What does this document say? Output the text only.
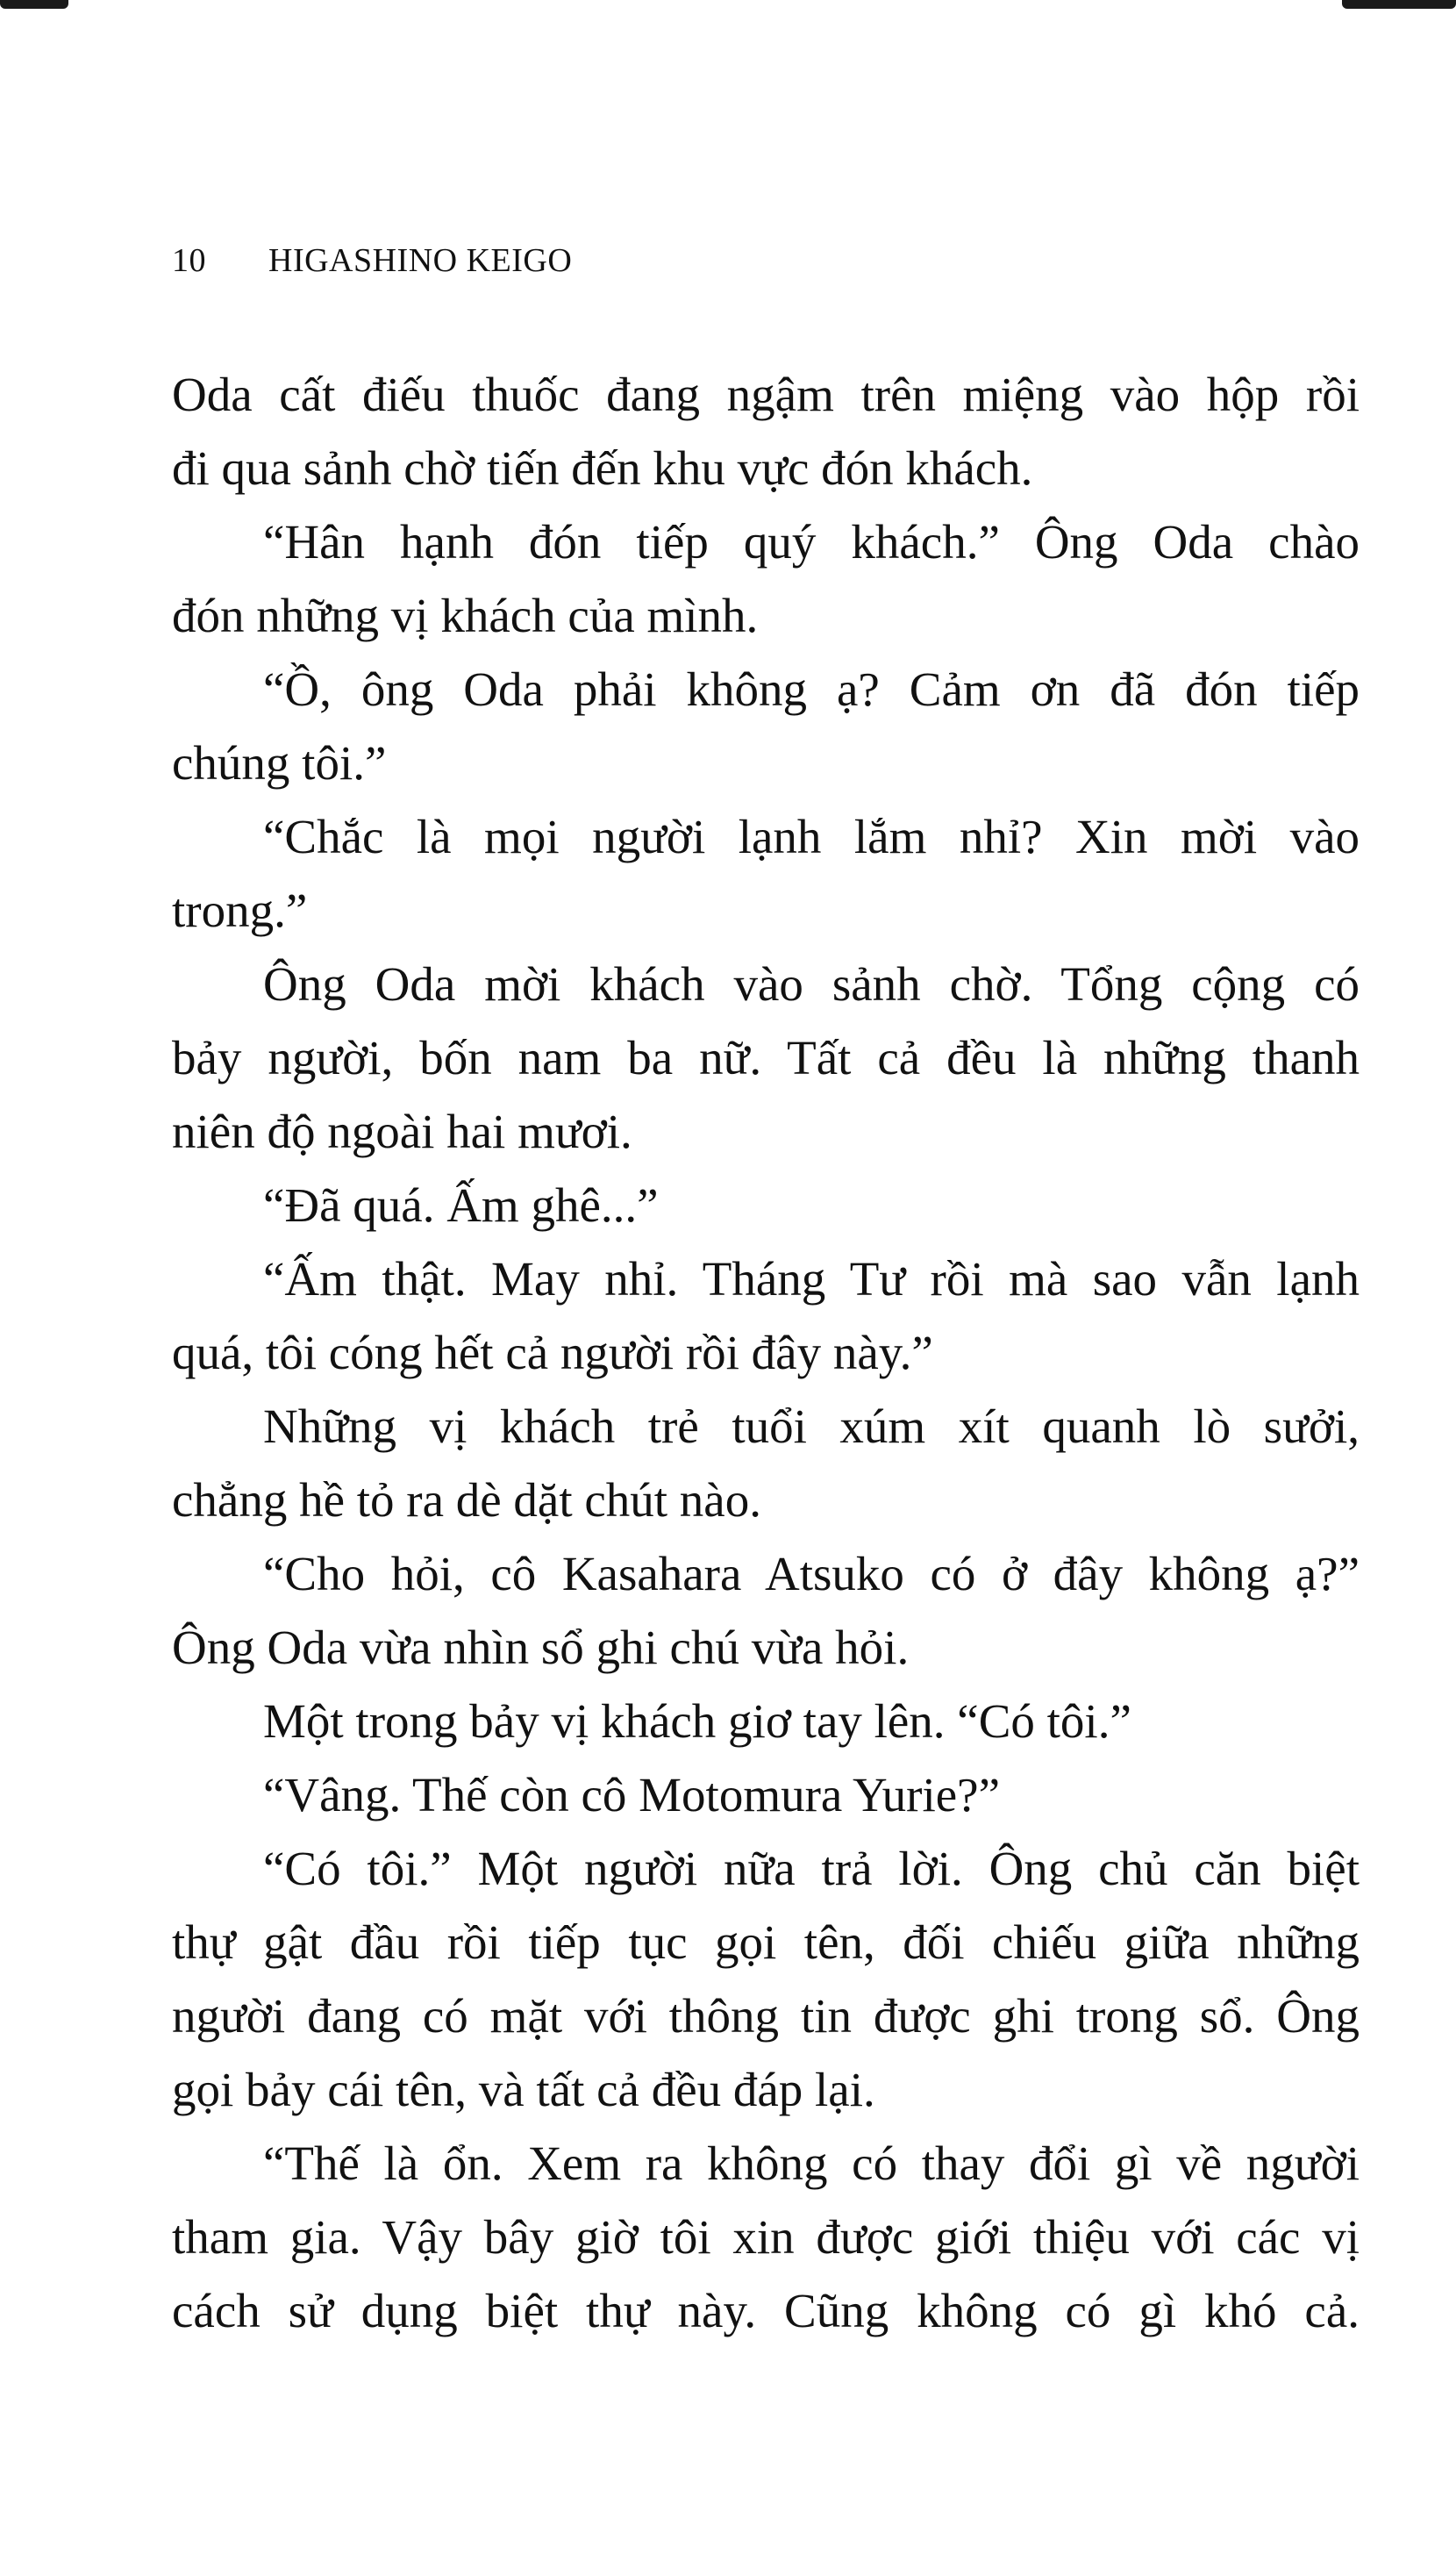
10 HIGASHINO KEIGO
Oda cất điếu thuốc đang ngậm trên miệng vào hộp rồi
đi qua sảnh chờ tiến đến khu vực đón khách.
“Hân hạnh đón tiếp quý khách.” Ông Oda chào
đón những vị khách của mình.
“Ồ, ông Oda phải không ạ? Cảm ơn đã đón tiếp
chúng tôi.”
“Chắc là mọi người lạnh lắm nhỉ? Xin mời vào
trong.”
Ông Oda mời khách vào sảnh chờ. Tổng cộng có
bảy người, bốn nam ba nữ. Tất cả đều là những thanh
niên độ ngoài hai mươi.
“Đã quá. Ấm ghê...”
“Ấm thật. May nhỉ. Tháng Tư rồi mà sao vẫn lạnh
quá, tôi cóng hết cả người rồi đây này.”
Những vị khách trẻ tuổi xúm xít quanh lò sưởi,
chẳng hề tỏ ra dè dặt chút nào.
“Cho hỏi, cô Kasahara Atsuko có ở đây không ạ?”
Ông Oda vừa nhìn sổ ghi chú vừa hỏi.
Một trong bảy vị khách giơ tay lên. “Có tôi.”
“Vâng. Thế còn cô Motomura Yurie?”
“Có tôi.” Một người nữa trả lời. Ông chủ căn biệt
thự gật đầu rồi tiếp tục gọi tên, đối chiếu giữa những
người đang có mặt với thông tin được ghi trong sổ. Ông
gọi bảy cái tên, và tất cả đều đáp lại.
“Thế là ổn. Xem ra không có thay đổi gì về người
tham gia. Vậy bây giờ tôi xin được giới thiệu với các vị
cách sử dụng biệt thự này. Cũng không có gì khó cả.
